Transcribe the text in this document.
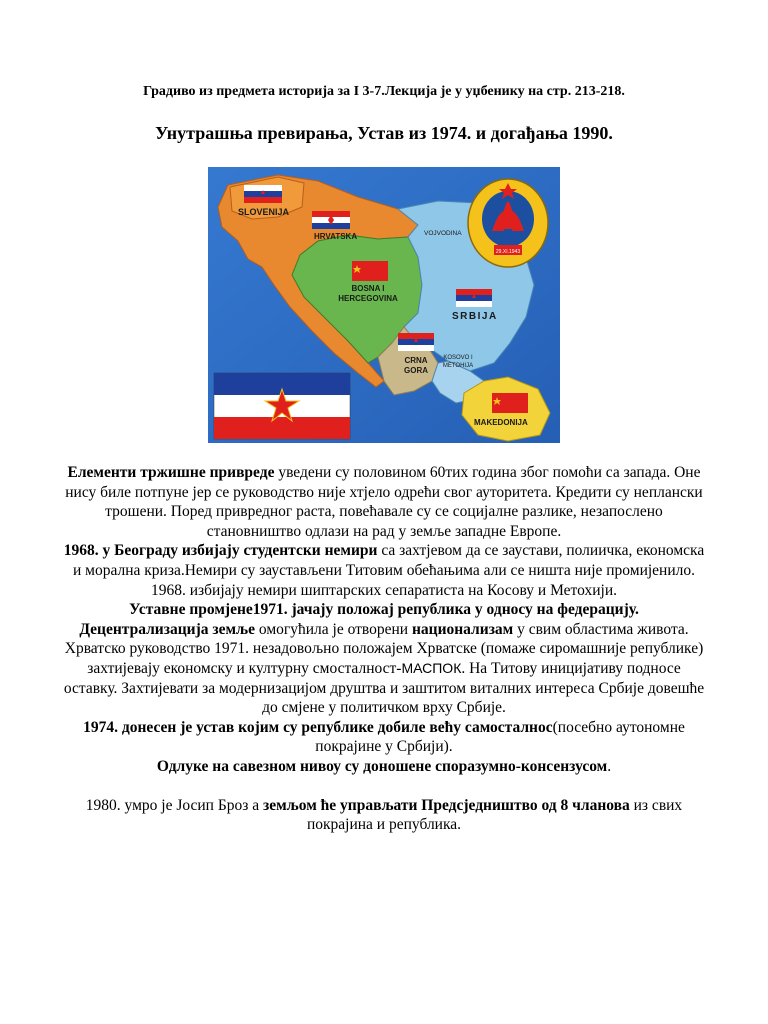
Градиво из предмета историја за I 3-7.Лекција је у уџбенику на стр. 213-218.
Унутрашња превирања, Устав из 1974. и догађања 1990.
29.XI.1943
SLOVENIJA
HRVATSKA	VOJVODINA
BOSNA I
HERCEGOVINA
SRBIJA
CRNA
GORA
KOSOVO I
METOHIJA
MAKEDONIJA

Елементи тржишне привреде уведени су половином 60тих година због помоћи са запада. Оне нису биле потпуне јер се руководство није хтјело одрећи свог ауторитета. Кредити су неплански трошени. Поред привредног раста, повећавале су се социјалне разлике, незапослено становништво одлази на рад у земље западне Европе.

1968. у Београду избијају студентски немири са захтјевом да се заустави, полиичка, економска и морална криза.Немири су заустављени Титовим обећањима али се ништа није промијенило.

1968. избијају немири шиптарских сепаратиста на Косову и Метохији.

Уставне промјене1971. јачају положај република у односу на федерацију.

Децентрализација земље омогућила је отворени национализам у свим областима живота. Хрватско руководство 1971. незадовољно положајем Хрватске (помаже сиромашније републике) захтијевају економску и културну смосталност-МАСПОК. На Титову иницијативу подносе оставку. Захтијевати за модернизацијом друштва и заштитом виталних интереса Србије довешће до смјене у политичком врху Србије.

1974. донесен је устав којим су републике добиле већу самосталнос(посебно аутономне покрајине у Србији).

Одлуке на савезном нивоу су доношене споразумно-консензусом.

1980. умро је Јосип Броз а земљом ће управљати Предсједништво од 8 чланова из свих покрајина и република.
